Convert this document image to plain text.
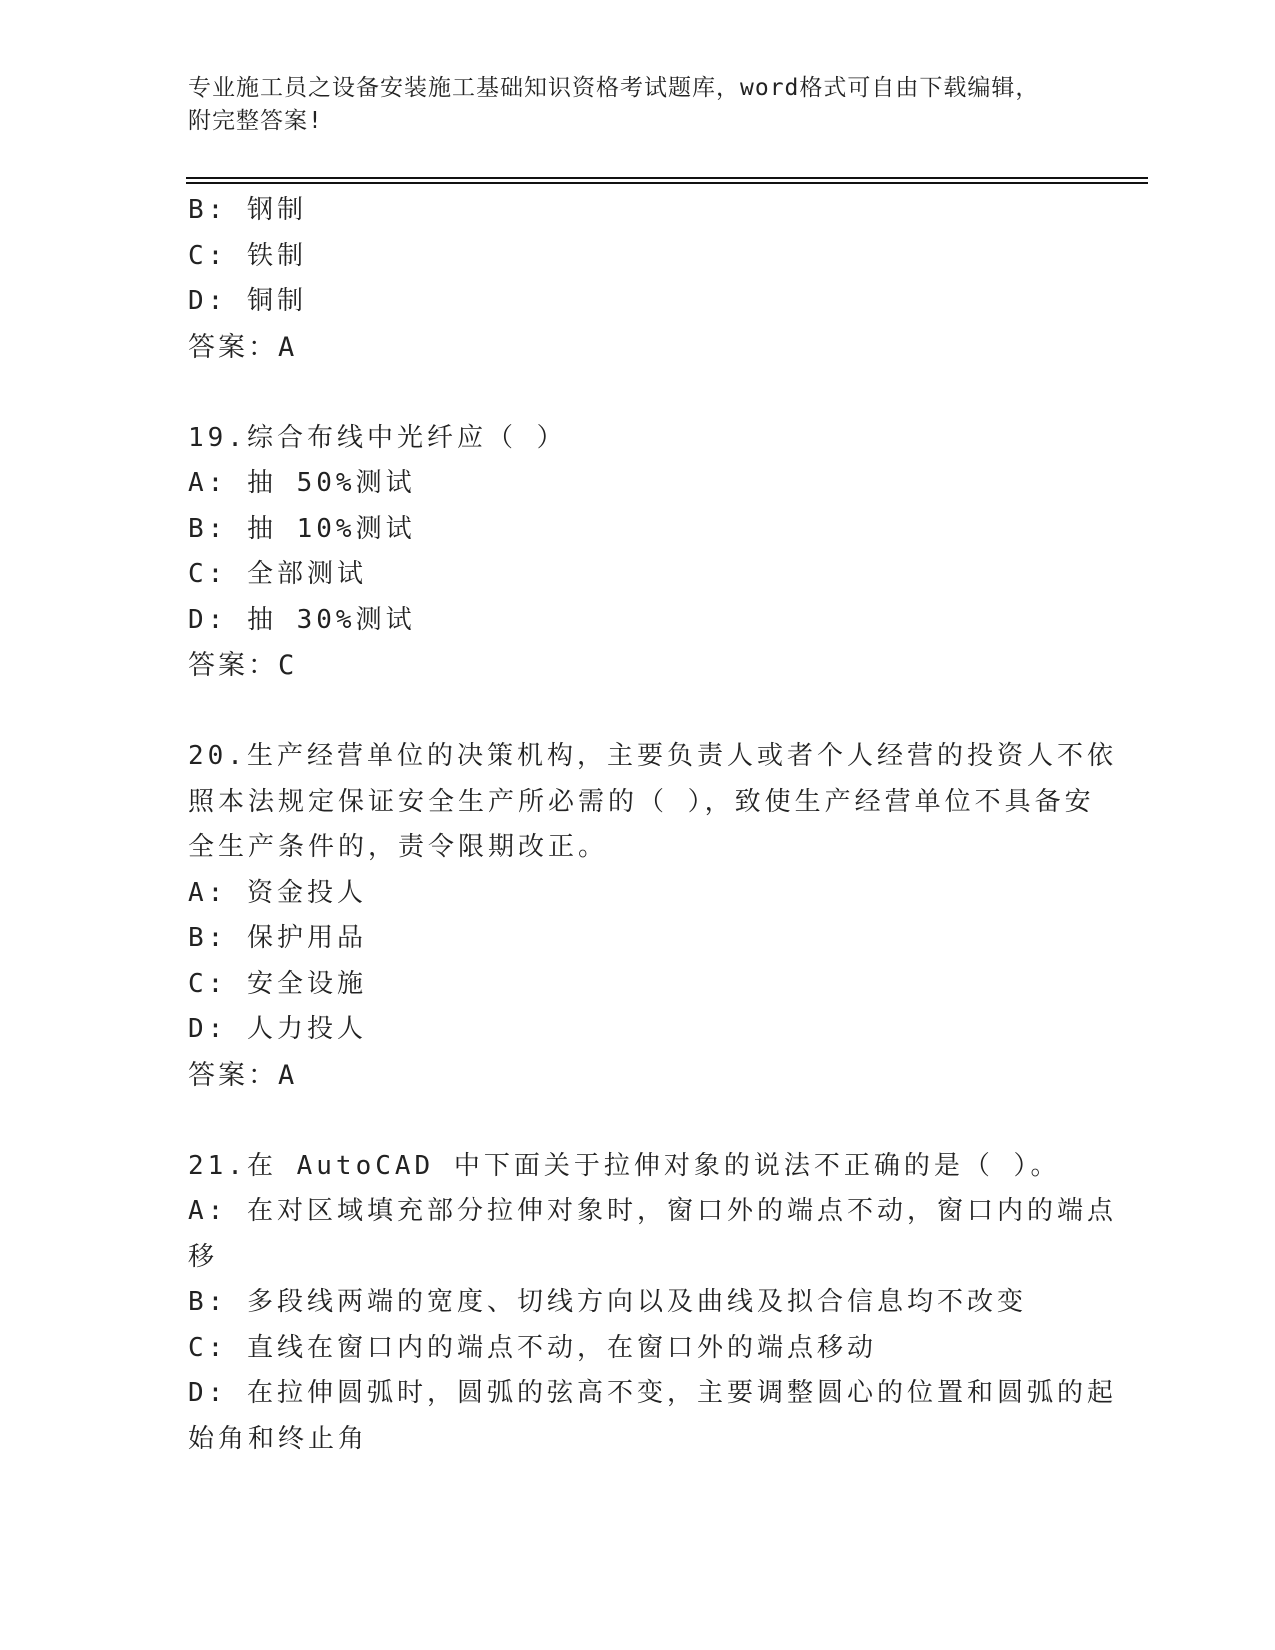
专业施工员之设备安装施工基础知识资格考试题库，word格式可自由下载编辑，
附完整答案!
B: 钢制
C: 铁制
D: 铜制
答案：A
19.综合布线中光纤应（ ）
A: 抽 50%测试
B: 抽 10%测试
C: 全部测试
D: 抽 30%测试
答案：C
20.生产经营单位的决策机构，主要负责人或者个人经营的投资人不依
照本法规定保证安全生产所必需的（ ），致使生产经营单位不具备安
全生产条件的，责令限期改正。
A: 资金投人
B: 保护用品
C: 安全设施
D: 人力投人
答案：A
21.在 AutoCAD 中下面关于拉伸对象的说法不正确的是（ ）。
A: 在对区域填充部分拉伸对象时，窗口外的端点不动，窗口内的端点
移
B: 多段线两端的宽度、切线方向以及曲线及拟合信息均不改变
C: 直线在窗口内的端点不动，在窗口外的端点移动
D: 在拉伸圆弧时，圆弧的弦高不变，主要调整圆心的位置和圆弧的起
始角和终止角
